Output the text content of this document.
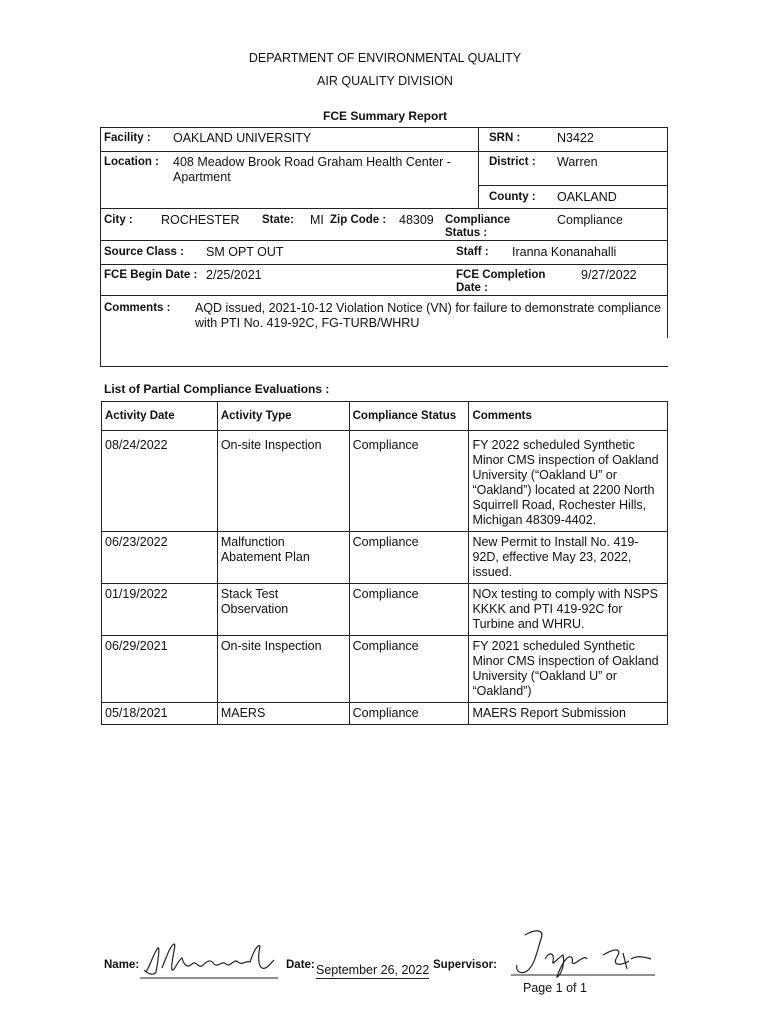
DEPARTMENT OF ENVIRONMENTAL QUALITY
AIR QUALITY DIVISION
FCE Summary Report
Facility : OAKLAND UNIVERSITY	SRN :	N3422
Location : 408 Meadow Brook Road Graham Health Center - Apartment
District : Warren
County : OAKLAND
City : ROCHESTER State: MI Zip Code : 48309 Compliance
Status :
Compliance
Source Class : SM OPT OUT	Staff : Iranna Konanahalli
FCE Begin Date : 2/25/2021	FCE Completion
Date :
9/27/2022
Comments : AQD issued, 2021-10-12 Violation Notice (VN) for failure to demonstrate compliance with PTI No. 419-92C, FG-TURB/WHRU
List of Partial Compliance Evaluations :
Activity Date	Activity Type	Compliance Status	Comments
08/24/2022	On-site Inspection	Compliance	FY 2022 scheduled Synthetic Minor CMS inspection of Oakland University (“Oakland U” or “Oakland”) located at 2200 North Squirrell Road, Rochester Hills, Michigan 48309-4402.
06/23/2022	Malfunction Abatement Plan	Compliance	New Permit to Install No. 419-92D, effective May 23, 2022, issued.
01/19/2022	Stack Test Observation	Compliance	NOx testing to comply with NSPS KKKK and PTI 419-92C for Turbine and WHRU.
06/29/2021	On-site Inspection	Compliance	FY 2021 scheduled Synthetic Minor CMS inspection of Oakland University (“Oakland U” or “Oakland”)
05/18/2021	MAERS	Compliance	MAERS Report Submission
Name:	Date: September 26, 2022 Supervisor:
Page 1 of 1
